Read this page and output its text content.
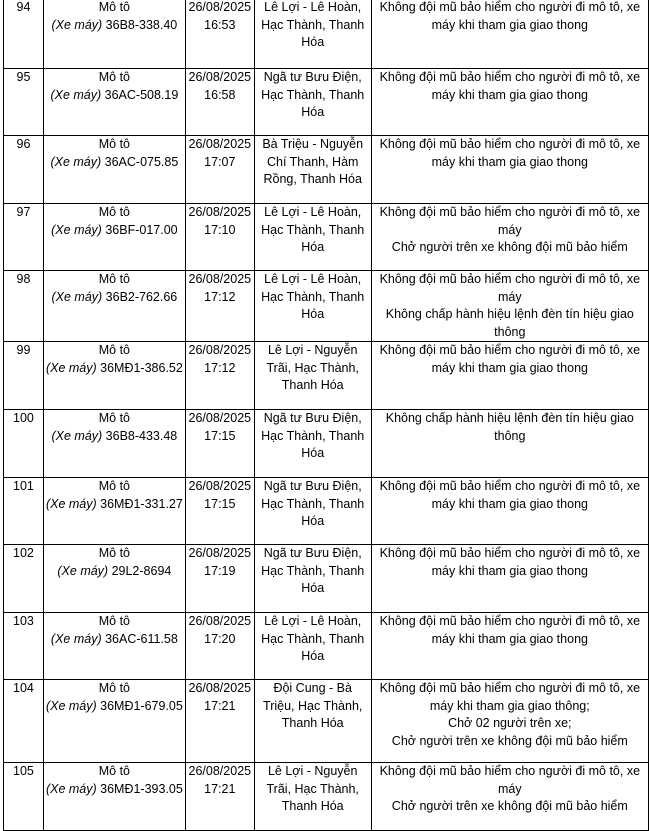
94	Mô tô
(Xe máy) 36B8-338.40	26/08/2025
16:53	Lê Lợi - Lê Hoàn, Hạc Thành, Thanh Hóa	Không đội mũ bảo hiểm cho người đi mô tô, xe máy khi tham gia giao thong

95	Mô tô
(Xe máy) 36AC-508.19	26/08/2025
16:58	Ngã tư Bưu Điện, Hạc Thành, Thanh Hóa	Không đội mũ bảo hiểm cho người đi mô tô, xe máy khi tham gia giao thong

96	Mô tô
(Xe máy) 36AC-075.85	26/08/2025
17:07	Bà Triệu - Nguyễn Chí Thanh, Hàm Rồng, Thanh Hóa	Không đội mũ bảo hiểm cho người đi mô tô, xe máy khi tham gia giao thong

97	Mô tô
(Xe máy) 36BF-017.00	26/08/2025
17:10	Lê Lợi - Lê Hoàn, Hạc Thành, Thanh Hóa	Không đội mũ bảo hiểm cho người đi mô tô, xe máy
Chở người trên xe không đội mũ bảo hiểm

98	Mô tô
(Xe máy) 36B2-762.66	26/08/2025
17:12	Lê Lợi - Lê Hoàn, Hạc Thành, Thanh Hóa	Không đội mũ bảo hiểm cho người đi mô tô, xe máy
Không chấp hành hiệu lệnh đèn tín hiệu giao thông

99	Mô tô
(Xe máy) 36MĐ1-386.52	26/08/2025
17:12	Lê Lợi - Nguyễn Trãi, Hạc Thành, Thanh Hóa	Không đội mũ bảo hiểm cho người đi mô tô, xe máy khi tham gia giao thong

100	Mô tô
(Xe máy) 36B8-433.48	26/08/2025
17:15	Ngã tư Bưu Điện, Hạc Thành, Thanh Hóa	Không chấp hành hiệu lệnh đèn tín hiệu giao thông

101	Mô tô
(Xe máy) 36MĐ1-331.27	26/08/2025
17:15	Ngã tư Bưu Điện, Hạc Thành, Thanh Hóa	Không đội mũ bảo hiểm cho người đi mô tô, xe máy khi tham gia giao thong

102	Mô tô
(Xe máy) 29L2-8694	26/08/2025
17:19	Ngã tư Bưu Điện, Hạc Thành, Thanh Hóa	Không đội mũ bảo hiểm cho người đi mô tô, xe máy khi tham gia giao thong

103	Mô tô
(Xe máy) 36AC-611.58	26/08/2025
17:20	Lê Lợi - Lê Hoàn, Hạc Thành, Thanh Hóa	Không đội mũ bảo hiểm cho người đi mô tô, xe máy khi tham gia giao thong

104	Mô tô
(Xe máy) 36MĐ1-679.05	26/08/2025
17:21	Đội Cung - Bà Triệu, Hạc Thành, Thanh Hóa	Không đội mũ bảo hiểm cho người đi mô tô, xe máy khi tham gia giao thông;
Chở 02 người trên xe;
Chở người trên xe không đội mũ bảo hiểm

105	Mô tô
(Xe máy) 36MĐ1-393.05	26/08/2025
17:21	Lê Lợi - Nguyễn Trãi, Hạc Thành, Thanh Hóa	Không đội mũ bảo hiểm cho người đi mô tô, xe máy
Chở người trên xe không đội mũ bảo hiểm
